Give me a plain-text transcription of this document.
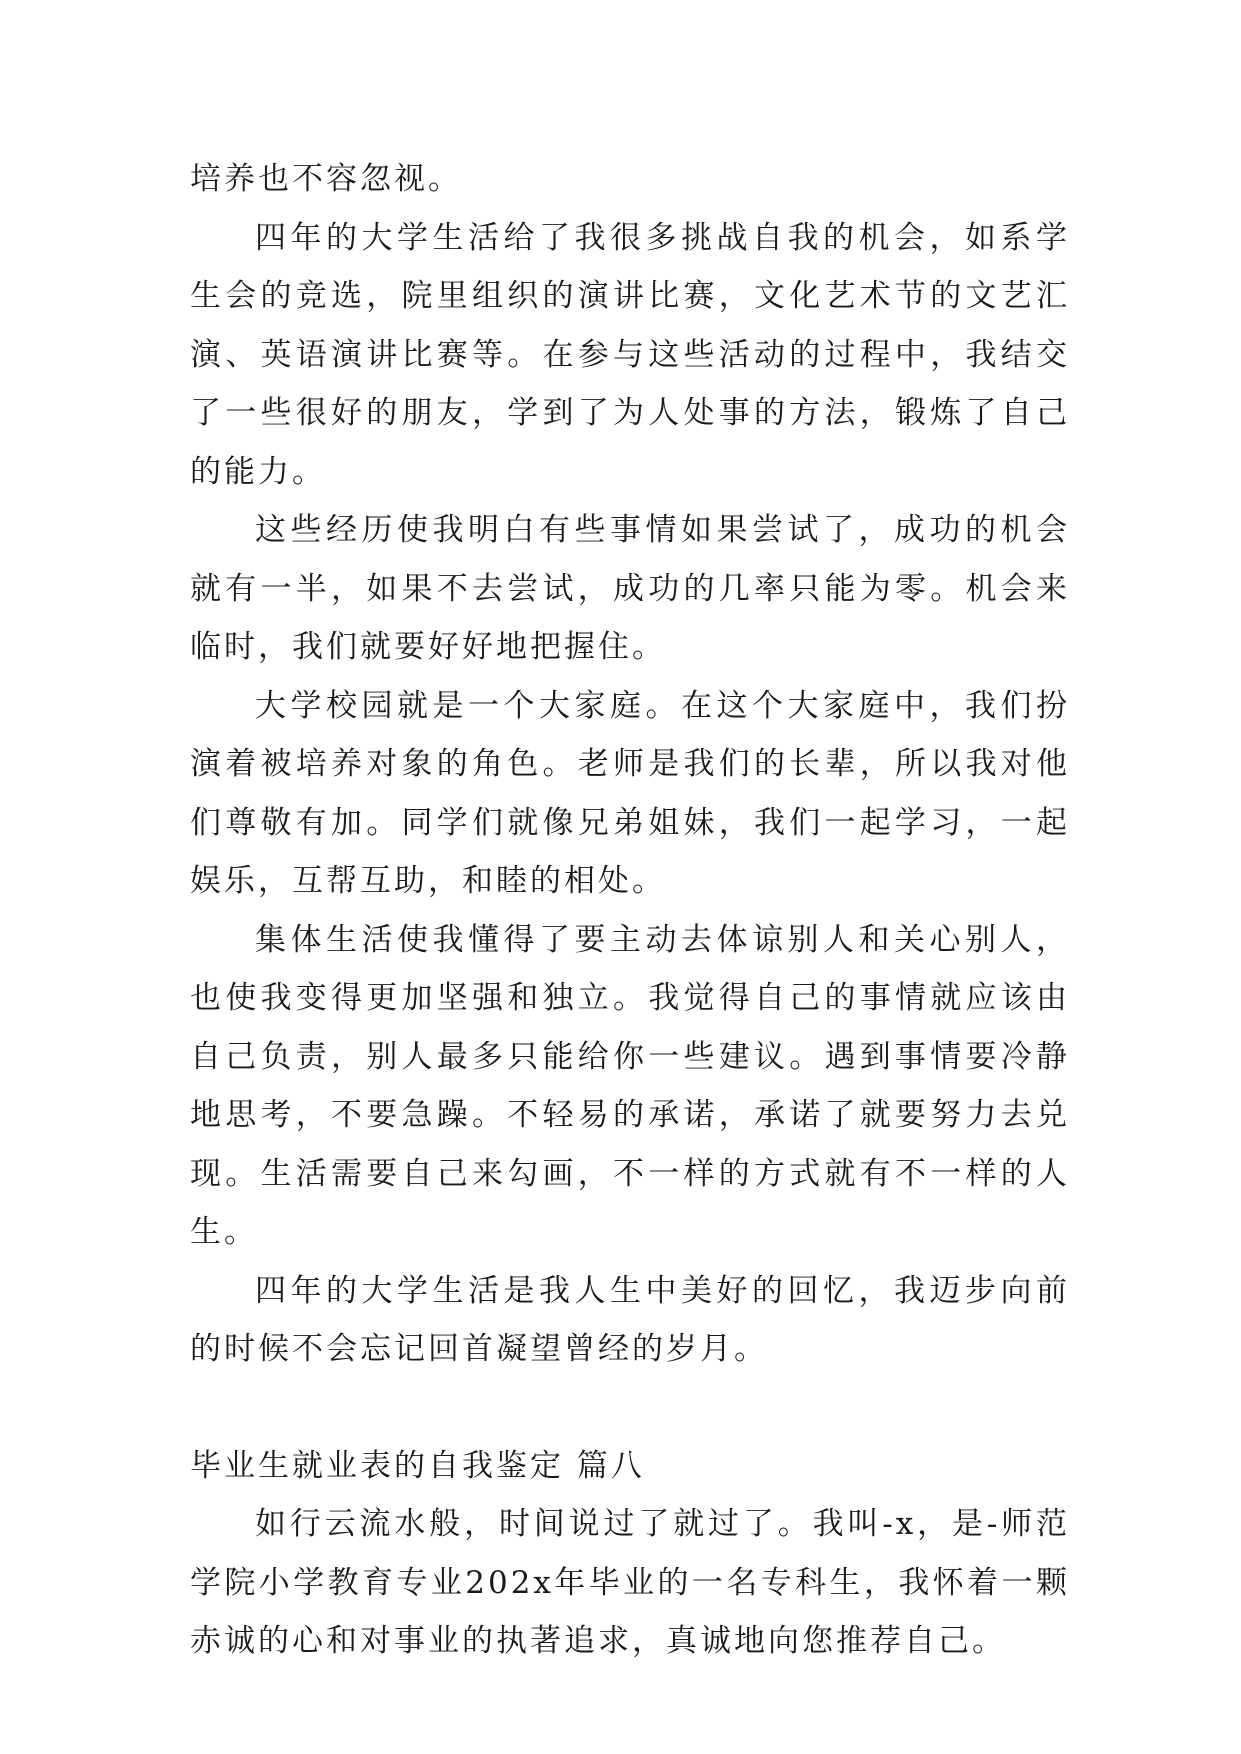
培养也不容忽视。

四年的大学生活给了我很多挑战自我的机会，如系学生会的竞选，院里组织的演讲比赛，文化艺术节的文艺汇演、英语演讲比赛等。在参与这些活动的过程中，我结交了一些很好的朋友，学到了为人处事的方法，锻炼了自己的能力。

这些经历使我明白有些事情如果尝试了，成功的机会就有一半，如果不去尝试，成功的几率只能为零。机会来临时，我们就要好好地把握住。

大学校园就是一个大家庭。在这个大家庭中，我们扮演着被培养对象的角色。老师是我们的长辈，所以我对他们尊敬有加。同学们就像兄弟姐妹，我们一起学习，一起娱乐，互帮互助，和睦的相处。

集体生活使我懂得了要主动去体谅别人和关心别人，也使我变得更加坚强和独立。我觉得自己的事情就应该由自己负责，别人最多只能给你一些建议。遇到事情要冷静地思考，不要急躁。不轻易的承诺，承诺了就要努力去兑现。生活需要自己来勾画，不一样的方式就有不一样的人生。

四年的大学生活是我人生中美好的回忆，我迈步向前的时候不会忘记回首凝望曾经的岁月。

毕业生就业表的自我鉴定 篇八

如行云流水般，时间说过了就过了。我叫-x，是-师范学院小学教育专业202x年毕业的一名专科生，我怀着一颗赤诚的心和对事业的执著追求，真诚地向您推荐自己。
